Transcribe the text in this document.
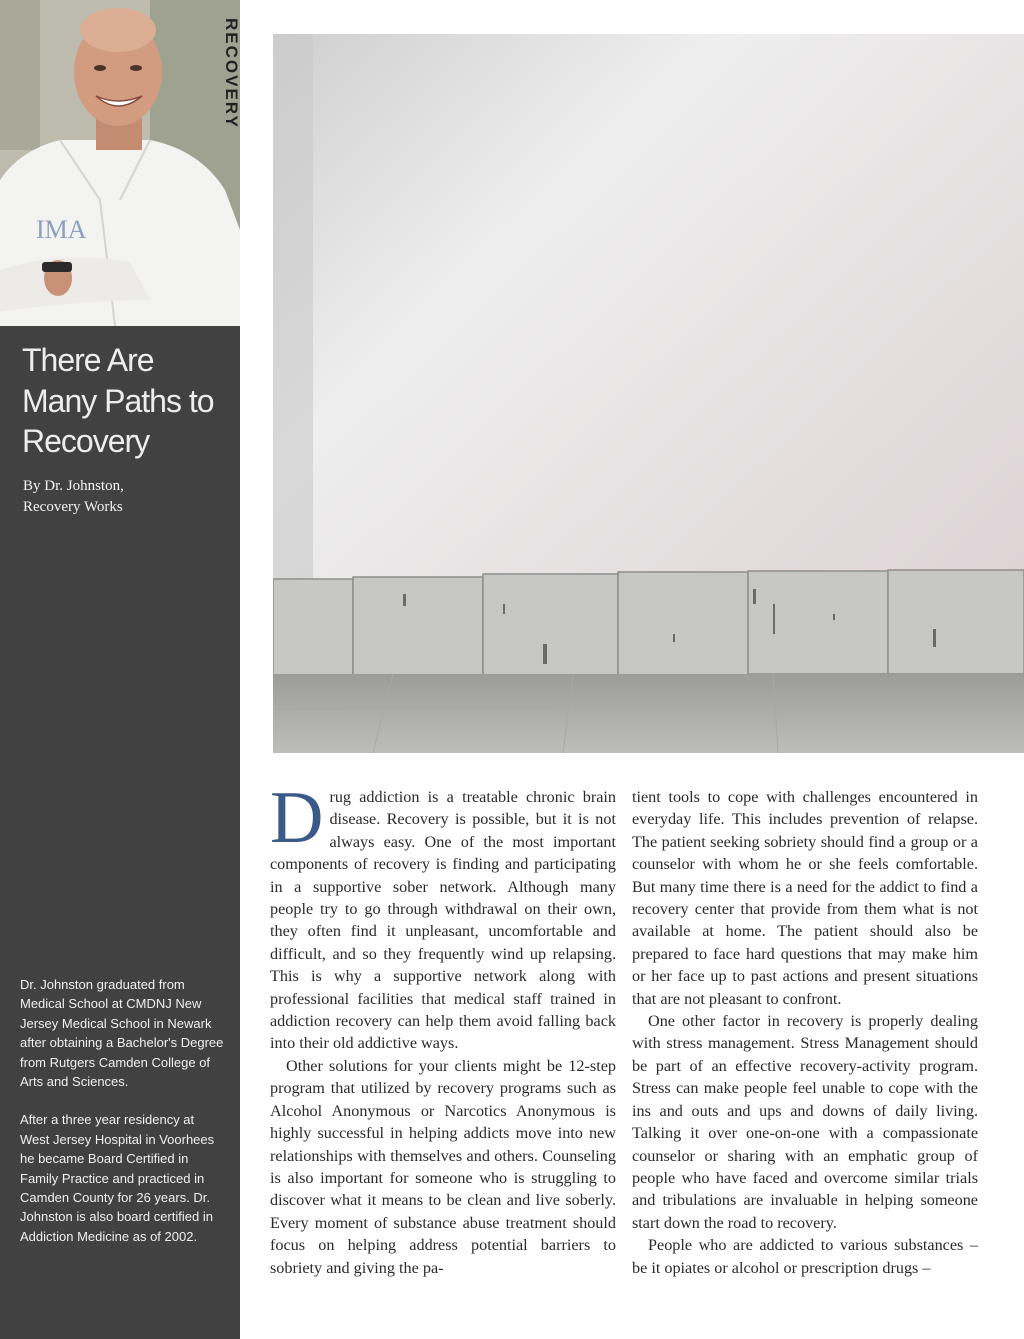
IMA
RECOVERY
There Are
Many Paths to
Recovery
By Dr. Johnston,
Recovery Works

Dr. Johnston graduated from Medical School at CMDNJ New Jersey Medical School in Newark after obtaining a Bachelor's Degree from Rutgers Camden College of Arts and Sciences.

After a three year residency at West Jersey Hospital in Voorhees he became Board Certified in Family Practice and practiced in Camden County for 26 years. Dr. Johnston is also board certified in Addiction Medicine as of 2002.

Drug addiction is a treatable chronic brain disease. Recovery is possible, but it is not always easy. One of the most important components of recovery is finding and participating in a supportive sober network. Although many people try to go through withdrawal on their own, they often find it unpleasant, uncomfortable and difficult, and so they frequently wind up relapsing. This is why a supportive network along with professional facilities that medical staff trained in addiction recovery can help them avoid falling back into their old addictive ways.

Other solutions for your clients might be 12-step program that utilized by recovery programs such as Alcohol Anonymous or Narcotics Anonymous is highly successful in helping addicts move into new relationships with themselves and others. Counseling is also important for someone who is struggling to discover what it means to be clean and live soberly. Every moment of substance abuse treatment should focus on helping address potential barriers to sobriety and giving the pa-

tient tools to cope with challenges encountered in everyday life. This includes prevention of relapse. The patient seeking sobriety should find a group or a counselor with whom he or she feels comfortable. But many time there is a need for the addict to find a recovery center that provide from them what is not available at home. The patient should also be prepared to face hard questions that may make him or her face up to past actions and present situations that are not pleasant to confront.

One other factor in recovery is properly dealing with stress management. Stress Management should be part of an effective recovery-activity program. Stress can make people feel unable to cope with the ins and outs and ups and downs of daily living. Talking it over one-on-one with a compassionate counselor or sharing with an emphatic group of people who have faced and overcome similar trials and tribulations are invaluable in helping someone start down the road to recovery.

People who are addicted to various substances – be it opiates or alcohol or prescription drugs –
